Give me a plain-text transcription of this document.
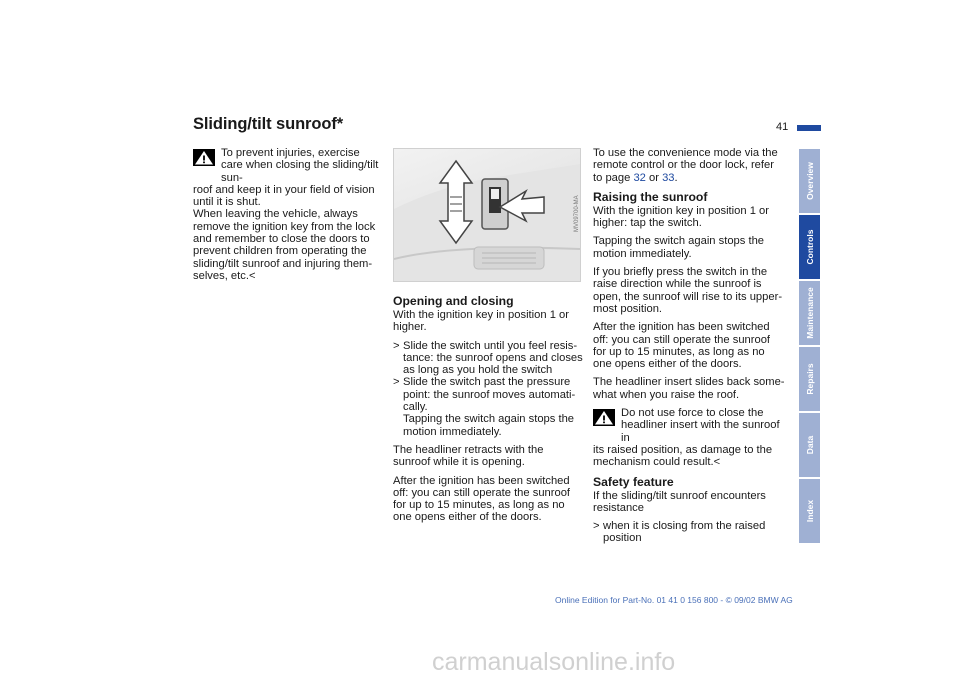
Sliding/tilt sunroof*	41

To prevent injuries, exercise care when closing the sliding/tilt sun-

roof and keep it in your field of vision until it is shut.

When leaving the vehicle, always remove the ignition key from the lock and remember to close the doors to prevent children from operating the sliding/tilt sunroof and injuring them-selves, etc.<

MV09700-MA
Opening and closing

With the ignition key in position 1 or higher.

> Slide the switch until you feel resis-tance: the sunroof opens and closes as long as you hold the switch
> Slide the switch past the pressure point: the sunroof moves automati-cally.
Tapping the switch again stops the motion immediately.

The headliner retracts with the sunroof while it is opening.

After the ignition has been switched off: you can still operate the sunroof for up to 15 minutes, as long as no one opens either of the doors.

To use the convenience mode via the remote control or the door lock, refer to page 32 or 33.

Raising the sunroof

With the ignition key in position 1 or higher: tap the switch.

Tapping the switch again stops the motion immediately.

If you briefly press the switch in the raise direction while the sunroof is open, the sunroof will rise to its upper-most position.

After the ignition has been switched off: you can still operate the sunroof for up to 15 minutes, as long as no one opens either of the doors.

The headliner insert slides back some-what when you raise the roof.

Do not use force to close the headliner insert with the sunroof in

its raised position, as damage to the mechanism could result.<

Safety feature

If the sliding/tilt sunroof encounters resistance

> when it is closing from the raised position
Overview
Controls
Maintenance
Repairs
Data
Index
Online Edition for Part-No. 01 41 0 156 800 - © 09/02 BMW AG
carmanualsonline.info
